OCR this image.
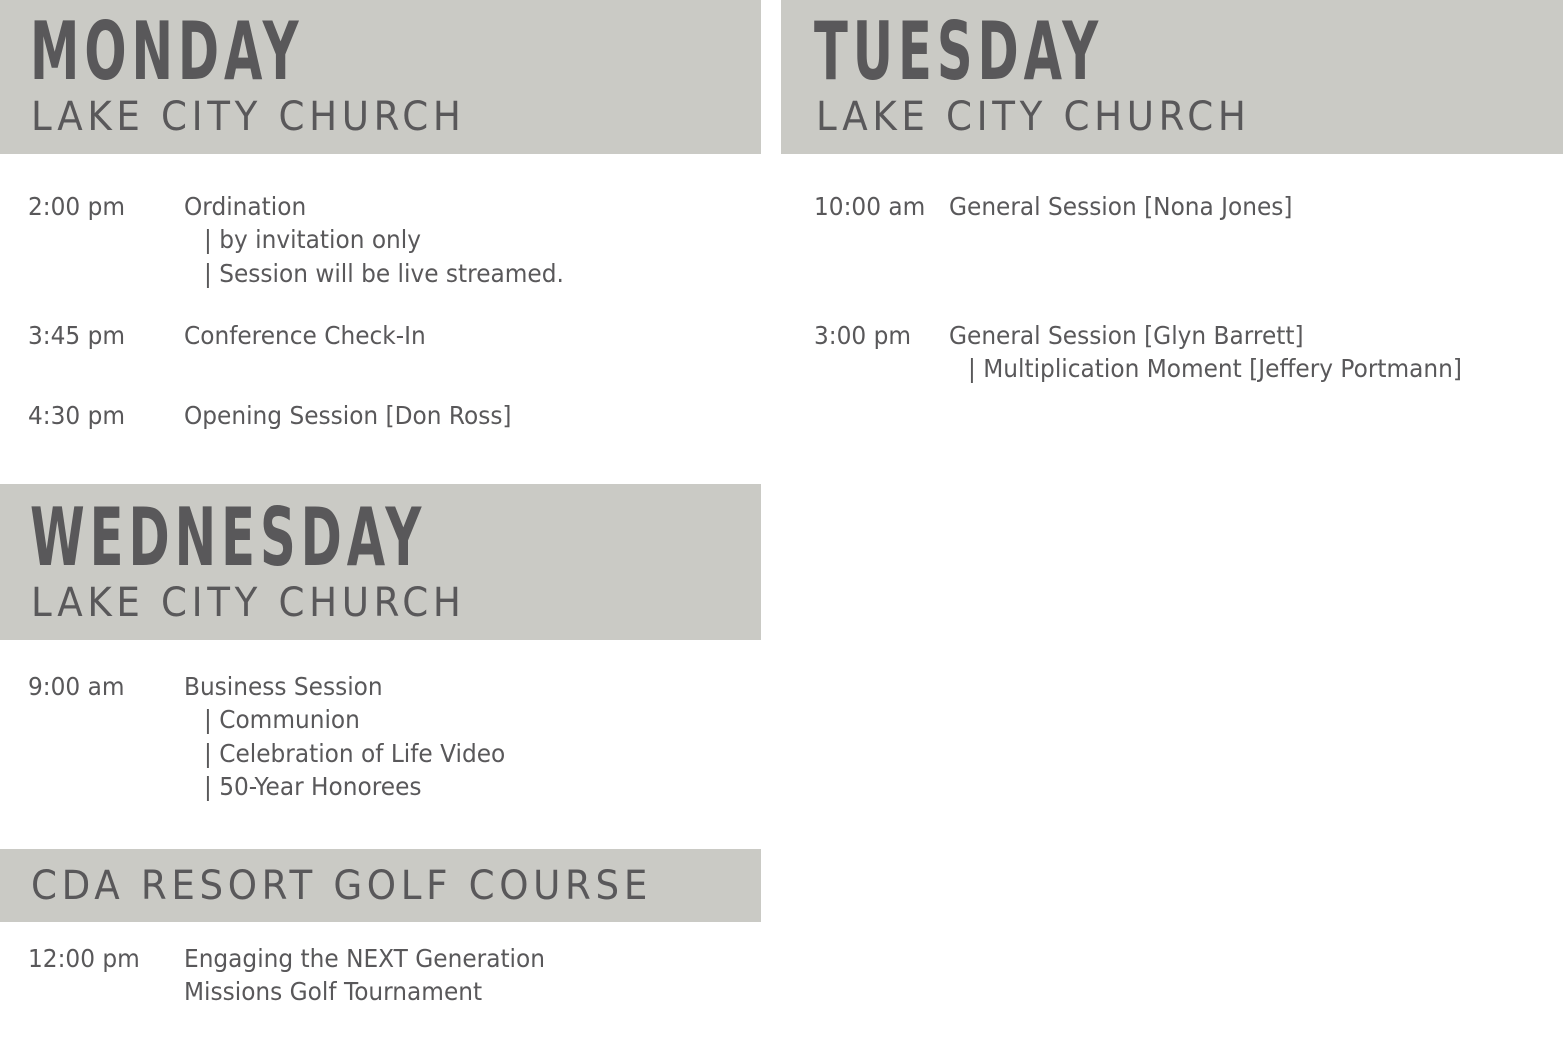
MONDAY
LAKE CITY CHURCH

2:00 pm Ordination

| by invitation only

| Session will be live streamed.

3:45 pm Conference Check-In

4:30 pm Opening Session [Don Ross]

TUESDAY
LAKE CITY CHURCH

10:00 am General Session [Nona Jones]

3:00 pm General Session [Glyn Barrett]

| Multiplication Moment [Jeffery Portmann]

WEDNESDAY
LAKE CITY CHURCH

9:00 am Business Session

| Communion

| Celebration of Life Video

| 50-Year Honorees

CDA RESORT GOLF COURSE

12:00 pm Engaging the NEXT Generation

Missions Golf Tournament
